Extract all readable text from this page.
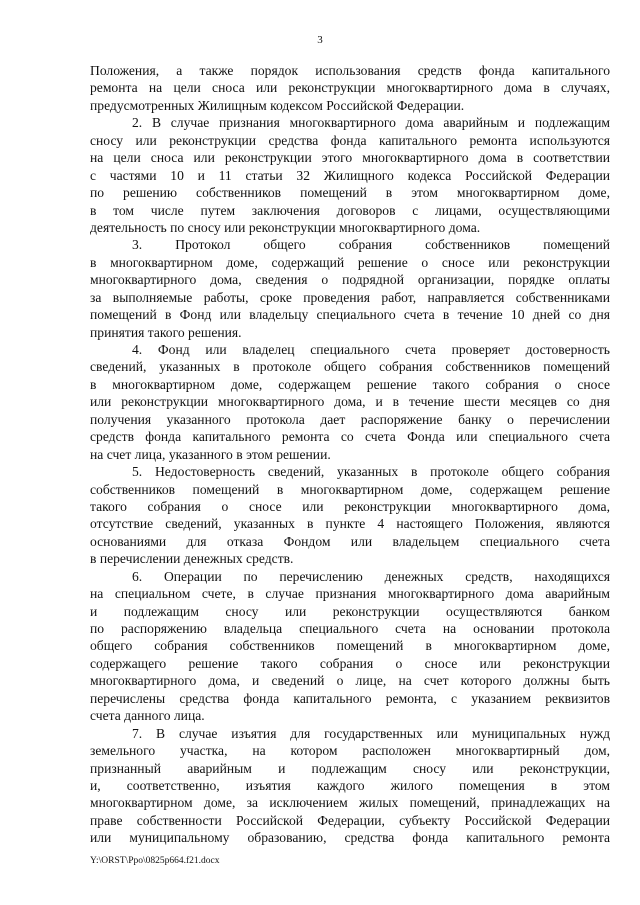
3
Положения, а также порядок использования средств фонда капитального
ремонта на цели сноса или реконструкции многоквартирного дома в случаях,
предусмотренных Жилищным кодексом Российской Федерации.
2. В случае признания многоквартирного дома аварийным и подлежащим
сносу или реконструкции средства фонда капитального ремонта используются
на цели сноса или реконструкции этого многоквартирного дома в соответствии
с частями 10 и 11 статьи 32 Жилищного кодекса Российской Федерации
по решению собственников помещений в этом многоквартирном доме,
в том числе путем заключения договоров с лицами, осуществляющими
деятельность по сносу или реконструкции многоквартирного дома.
3. Протокол общего собрания собственников помещений
в многоквартирном доме, содержащий решение о сносе или реконструкции
многоквартирного дома, сведения о подрядной организации, порядке оплаты
за выполняемые работы, сроке проведения работ, направляется собственниками
помещений в Фонд или владельцу специального счета в течение 10 дней со дня
принятия такого решения.
4. Фонд или владелец специального счета проверяет достоверность
сведений, указанных в протоколе общего собрания собственников помещений
в многоквартирном доме, содержащем решение такого собрания о сносе
или реконструкции многоквартирного дома, и в течение шести месяцев со дня
получения указанного протокола дает распоряжение банку о перечислении
средств фонда капитального ремонта со счета Фонда или специального счета
на счет лица, указанного в этом решении.
5. Недостоверность сведений, указанных в протоколе общего собрания
собственников помещений в многоквартирном доме, содержащем решение
такого собрания о сносе или реконструкции многоквартирного дома,
отсутствие сведений, указанных в пункте 4 настоящего Положения, являются
основаниями для отказа Фондом или владельцем специального счета
в перечислении денежных средств.
6. Операции по перечислению денежных средств, находящихся
на специальном счете, в случае признания многоквартирного дома аварийным
и подлежащим сносу или реконструкции осуществляются банком
по распоряжению владельца специального счета на основании протокола
общего собрания собственников помещений в многоквартирном доме,
содержащего решение такого собрания о сносе или реконструкции
многоквартирного дома, и сведений о лице, на счет которого должны быть
перечислены средства фонда капитального ремонта, с указанием реквизитов
счета данного лица.
7. В случае изъятия для государственных или муниципальных нужд
земельного участка, на котором расположен многоквартирный дом,
признанный аварийным и подлежащим сносу или реконструкции,
и, соответственно, изъятия каждого жилого помещения в этом
многоквартирном доме, за исключением жилых помещений, принадлежащих на
праве собственности Российской Федерации, субъекту Российской Федерации
или муниципальному образованию, средства фонда капитального ремонта
Y:\ORST\Ppo\0825p664.f21.docx
